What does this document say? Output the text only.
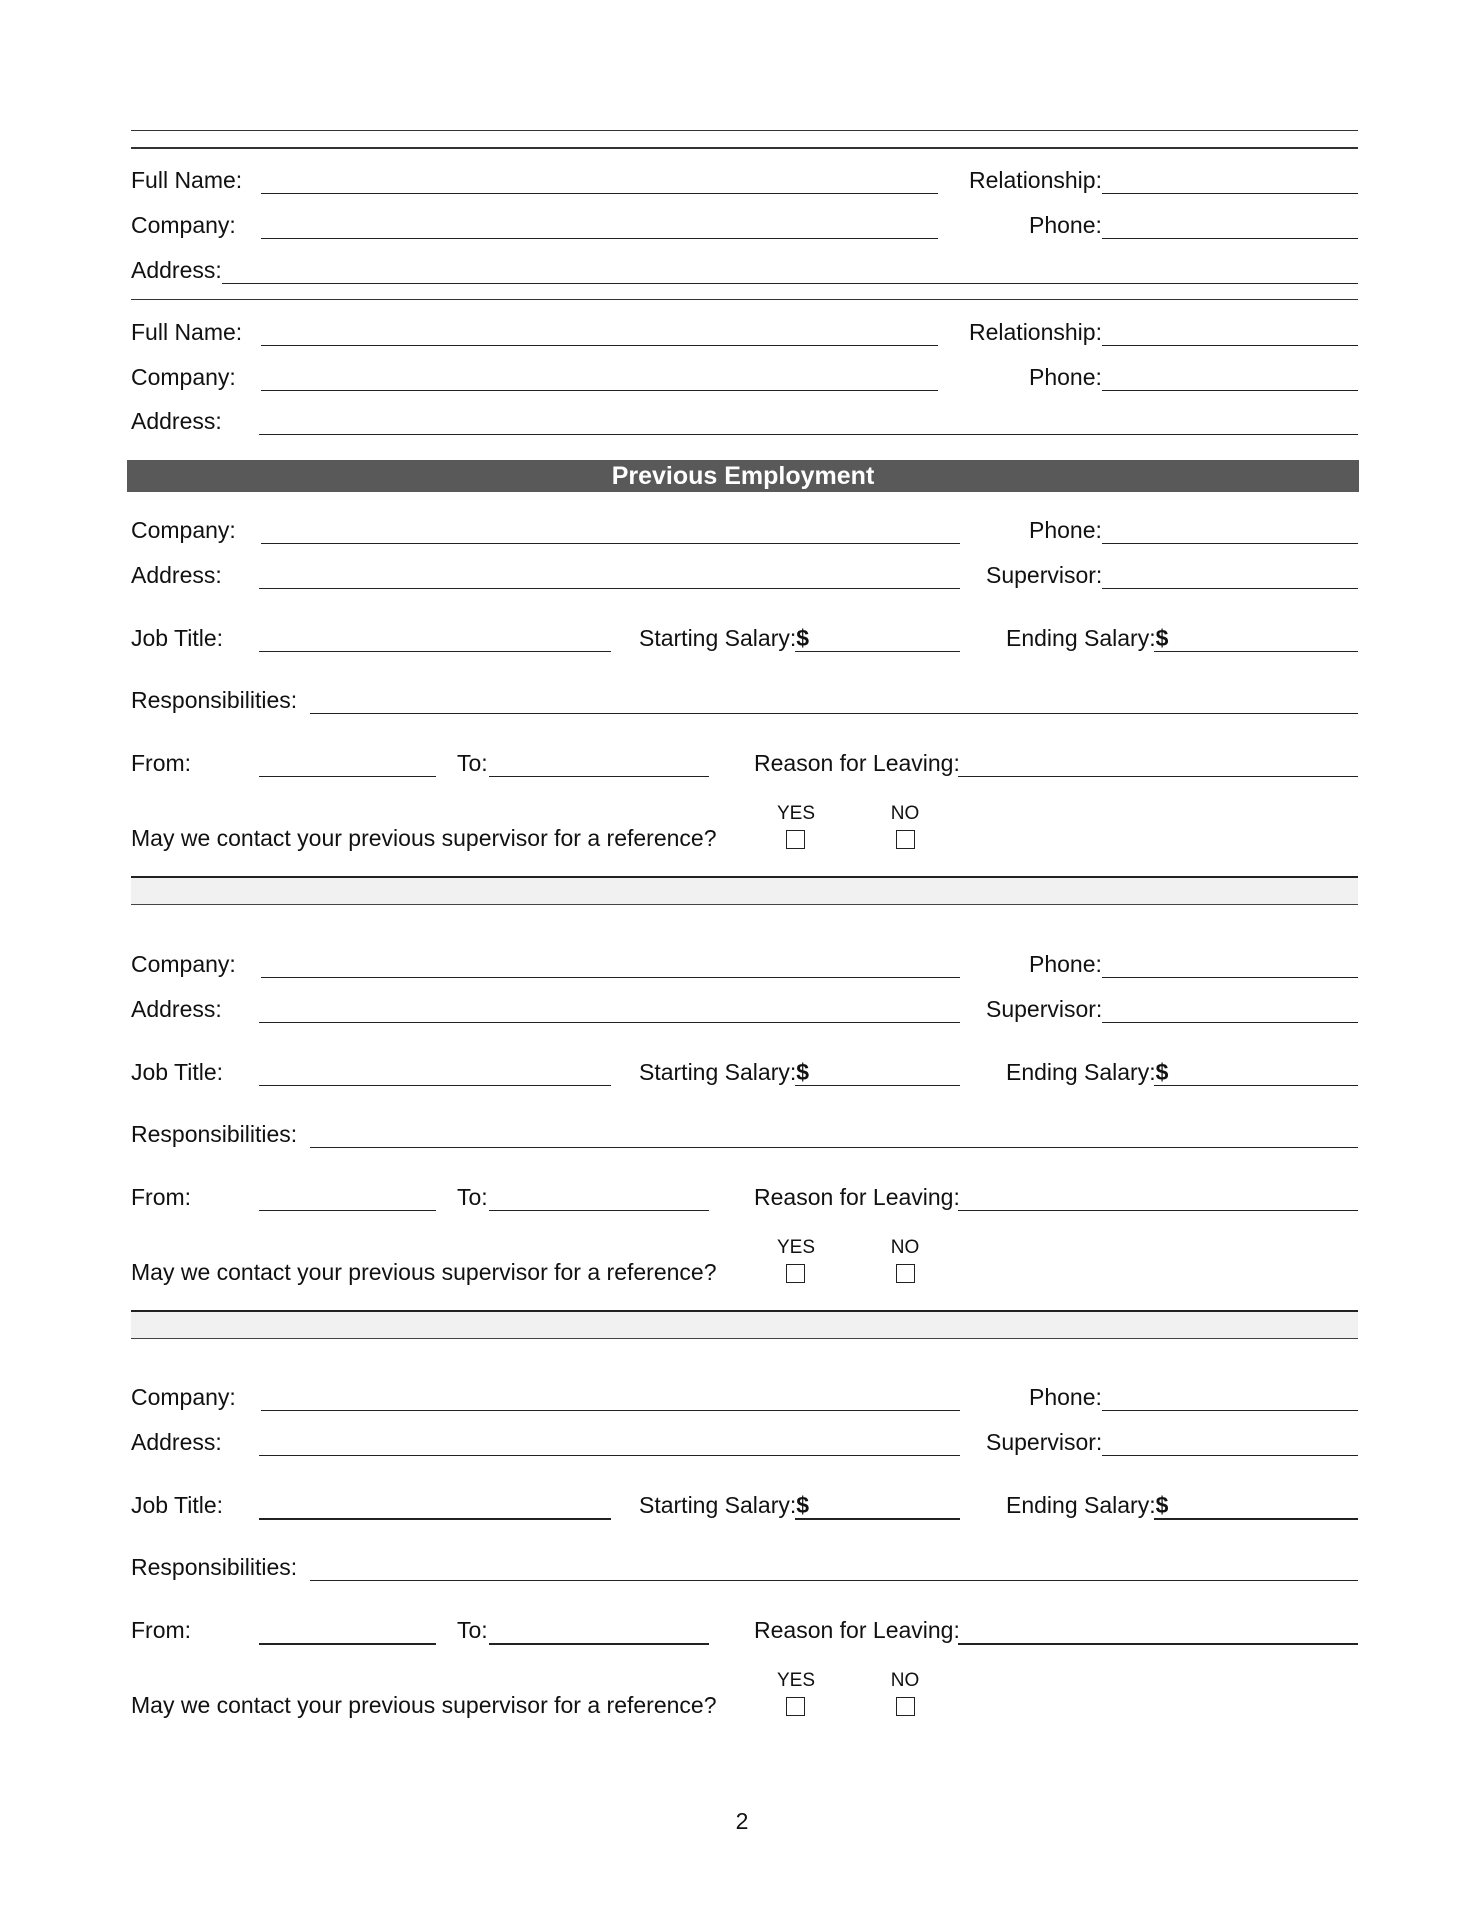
Full Name:	Relationship:
Company:	Phone:
Address:
Full Name:	Relationship:
Company:	Phone:
Address:
Previous Employment
Company:	Phone:
Address:	Supervisor:
Job Title:	Starting Salary:$	Ending Salary:$
Responsibilities:
From:	To:	Reason for Leaving:
May we contact your previous supervisor for a reference?
YES	NO
Company:	Phone:
Address:	Supervisor:
Job Title:	Starting Salary:$	Ending Salary:$
Responsibilities:
From:	To:	Reason for Leaving:
May we contact your previous supervisor for a reference?
YES	NO
Company:	Phone:
Address:	Supervisor:
Job Title:	Starting Salary:$	Ending Salary:$
Responsibilities:
From:	To:	Reason for Leaving:
May we contact your previous supervisor for a reference?
YES	NO
2
